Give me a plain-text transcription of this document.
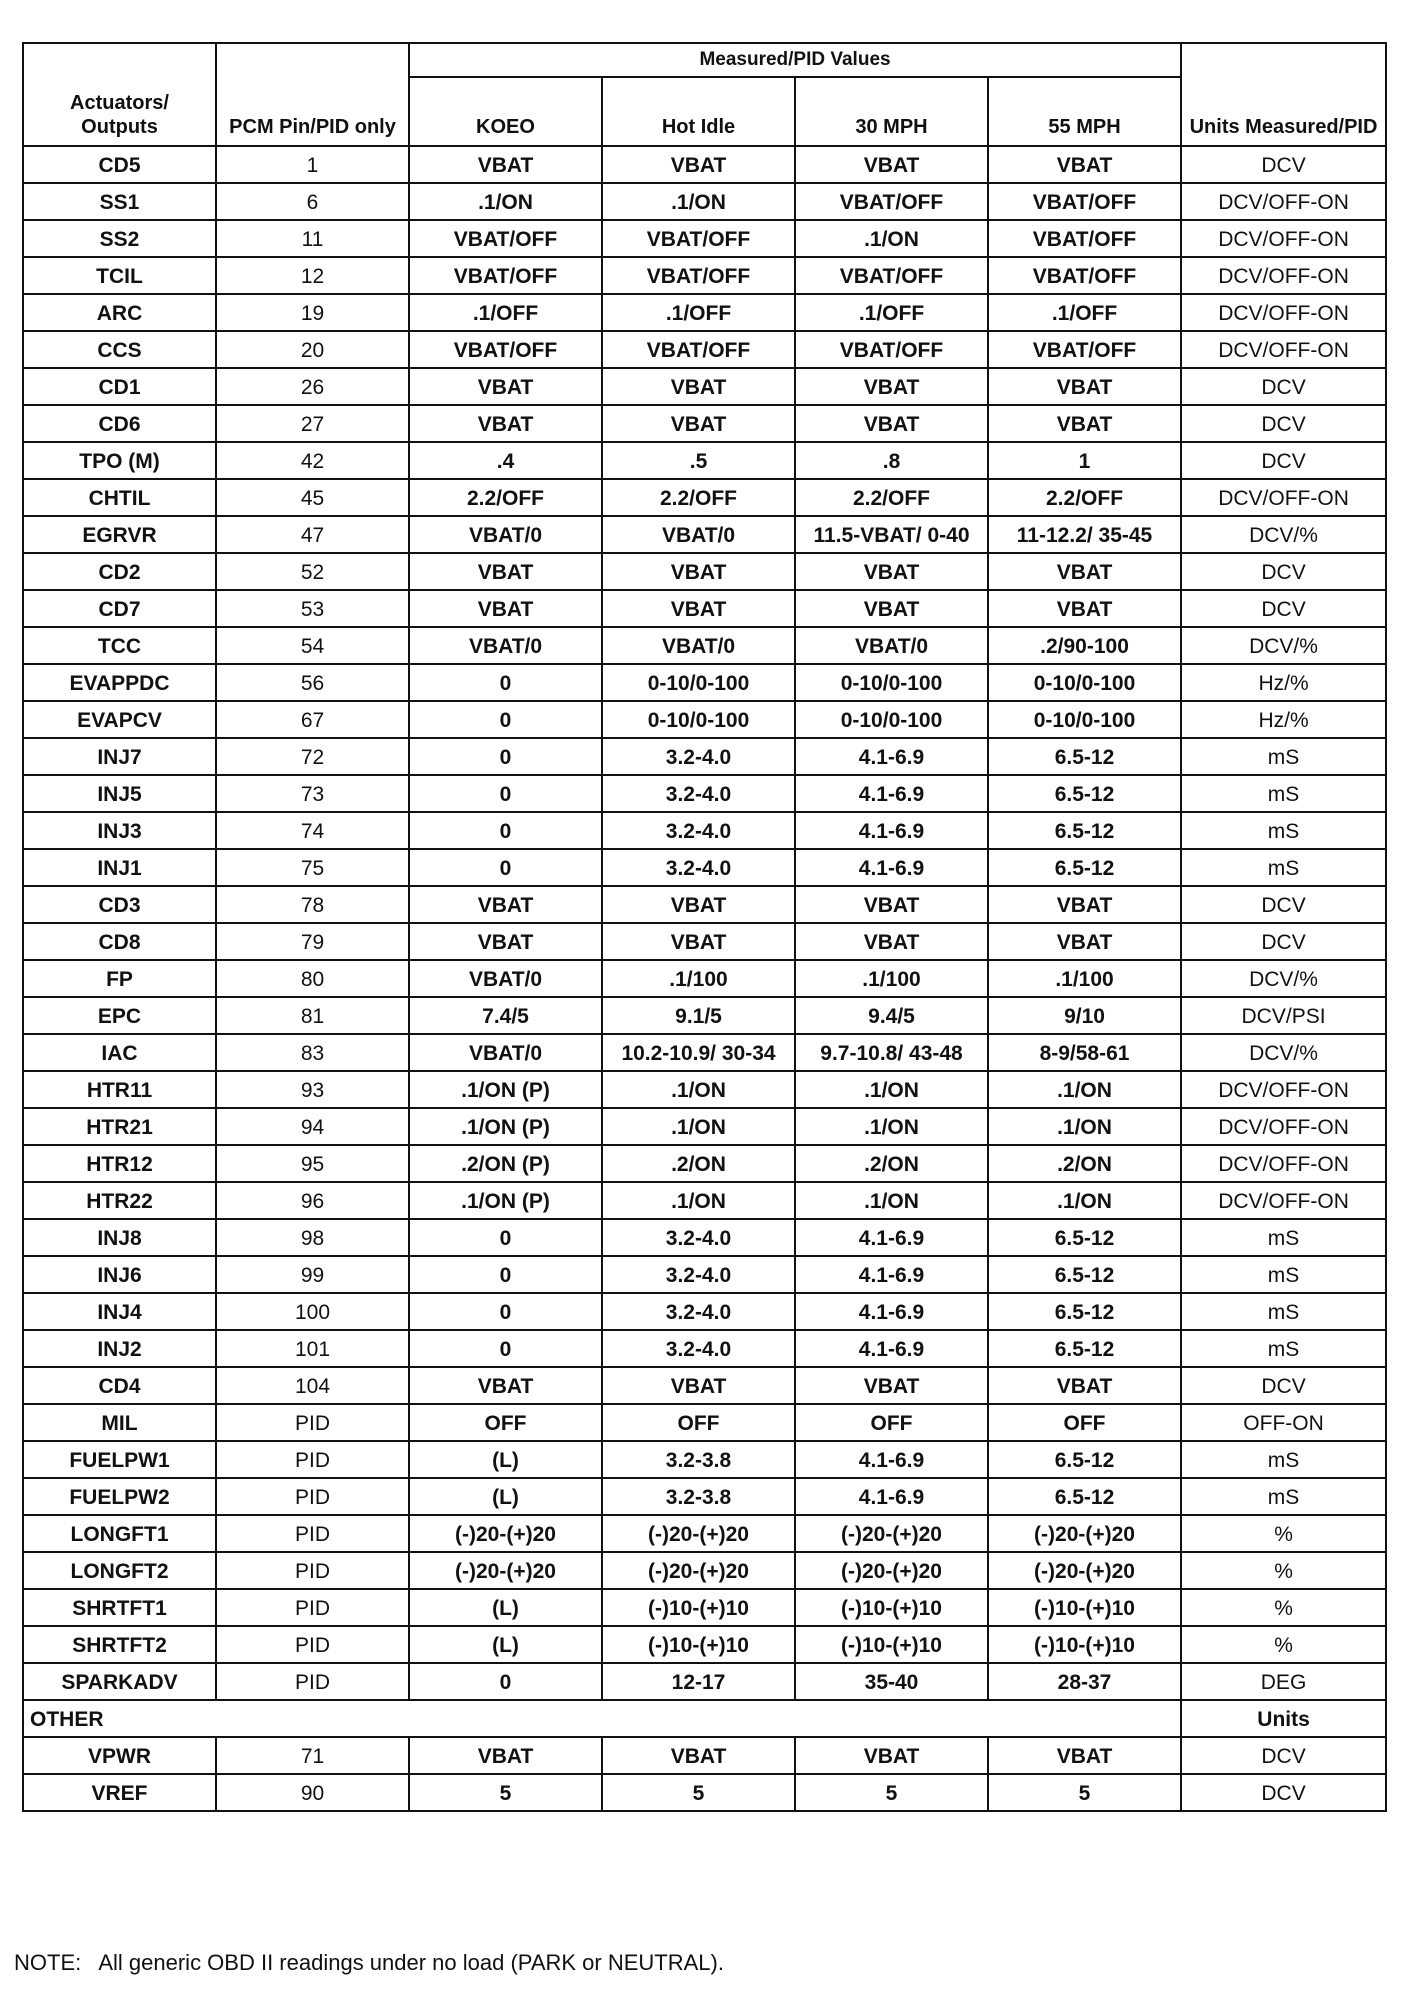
Actuators/ Outputs	PCM Pin/PID only	Measured/PID Values				Units Measured/PID
		KOEO	Hot Idle	30 MPH	55 MPH	
CD5	1	VBAT	VBAT	VBAT	VBAT	DCV
SS1	6	.1/ON	.1/ON	VBAT/OFF	VBAT/OFF	DCV/OFF-ON
SS2	11	VBAT/OFF	VBAT/OFF	.1/ON	VBAT/OFF	DCV/OFF-ON
TCIL	12	VBAT/OFF	VBAT/OFF	VBAT/OFF	VBAT/OFF	DCV/OFF-ON
ARC	19	.1/OFF	.1/OFF	.1/OFF	.1/OFF	DCV/OFF-ON
CCS	20	VBAT/OFF	VBAT/OFF	VBAT/OFF	VBAT/OFF	DCV/OFF-ON
CD1	26	VBAT	VBAT	VBAT	VBAT	DCV
CD6	27	VBAT	VBAT	VBAT	VBAT	DCV
TPO (M)	42	.4	.5	.8	1	DCV
CHTIL	45	2.2/OFF	2.2/OFF	2.2/OFF	2.2/OFF	DCV/OFF-ON
EGRVR	47	VBAT/0	VBAT/0	11.5-VBAT/ 0-40	11-12.2/ 35-45	DCV/%
CD2	52	VBAT	VBAT	VBAT	VBAT	DCV
CD7	53	VBAT	VBAT	VBAT	VBAT	DCV
TCC	54	VBAT/0	VBAT/0	VBAT/0	.2/90-100	DCV/%
EVAPPDC	56	0	0-10/0-100	0-10/0-100	0-10/0-100	Hz/%
EVAPCV	67	0	0-10/0-100	0-10/0-100	0-10/0-100	Hz/%
INJ7	72	0	3.2-4.0	4.1-6.9	6.5-12	mS
INJ5	73	0	3.2-4.0	4.1-6.9	6.5-12	mS
INJ3	74	0	3.2-4.0	4.1-6.9	6.5-12	mS
INJ1	75	0	3.2-4.0	4.1-6.9	6.5-12	mS
CD3	78	VBAT	VBAT	VBAT	VBAT	DCV
CD8	79	VBAT	VBAT	VBAT	VBAT	DCV
FP	80	VBAT/0	.1/100	.1/100	.1/100	DCV/%
EPC	81	7.4/5	9.1/5	9.4/5	9/10	DCV/PSI
IAC	83	VBAT/0	10.2-10.9/ 30-34	9.7-10.8/ 43-48	8-9/58-61	DCV/%
HTR11	93	.1/ON (P)	.1/ON	.1/ON	.1/ON	DCV/OFF-ON
HTR21	94	.1/ON (P)	.1/ON	.1/ON	.1/ON	DCV/OFF-ON
HTR12	95	.2/ON (P)	.2/ON	.2/ON	.2/ON	DCV/OFF-ON
HTR22	96	.1/ON (P)	.1/ON	.1/ON	.1/ON	DCV/OFF-ON
INJ8	98	0	3.2-4.0	4.1-6.9	6.5-12	mS
INJ6	99	0	3.2-4.0	4.1-6.9	6.5-12	mS
INJ4	100	0	3.2-4.0	4.1-6.9	6.5-12	mS
INJ2	101	0	3.2-4.0	4.1-6.9	6.5-12	mS
CD4	104	VBAT	VBAT	VBAT	VBAT	DCV
MIL	PID	OFF	OFF	OFF	OFF	OFF-ON
FUELPW1	PID	(L)	3.2-3.8	4.1-6.9	6.5-12	mS
FUELPW2	PID	(L)	3.2-3.8	4.1-6.9	6.5-12	mS
LONGFT1	PID	(-)20-(+)20	(-)20-(+)20	(-)20-(+)20	(-)20-(+)20	%
LONGFT2	PID	(-)20-(+)20	(-)20-(+)20	(-)20-(+)20	(-)20-(+)20	%
SHRTFT1	PID	(L)	(-)10-(+)10	(-)10-(+)10	(-)10-(+)10	%
SHRTFT2	PID	(L)	(-)10-(+)10	(-)10-(+)10	(-)10-(+)10	%
SPARKADV	PID	0	12-17	35-40	28-37	DEG
OTHER						Units
VPWR	71	VBAT	VBAT	VBAT	VBAT	DCV
VREF	90	5	5	5	5	DCV
NOTE:   All generic OBD II readings under no load (PARK or NEUTRAL).
